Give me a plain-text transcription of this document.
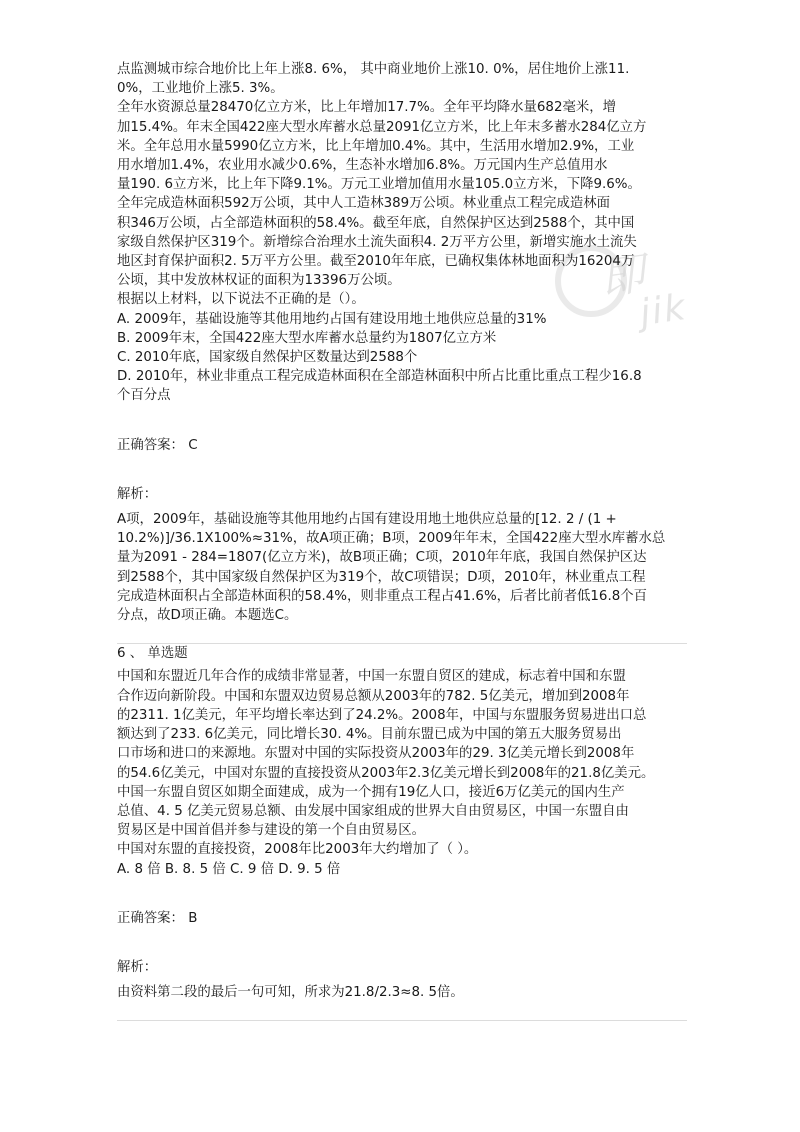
即
jik

点监测城市综合地价比上年上涨8. 6%， 其中商业地价上涨10. 0%，居住地价上涨11.

0%，工业地价上涨5. 3%。

全年水资源总量28470亿立方米，比上年增加17.7%。全年平均降水量682毫米，增

加15.4%。年末全国422座大型水库蓄水总量2091亿立方米，比上年末多蓄水284亿立方

米。全年总用水量5990亿立方米，比上年增加0.4%。其中，生活用水增加2.9%，工业

用水增加1.4%，农业用水减少0.6%，生态补水增加6.8%。万元国内生产总值用水

量190. 6立方米，比上年下降9.1%。万元工业增加值用水量105.0立方米，下降9.6%。

全年完成造林面积592万公顷，其中人工造林389万公顷。林业重点工程完成造林面

积346万公顷，占全部造林面积的58.4%。截至年底，自然保护区达到2588个，其中国

家级自然保护区319个。新增综合治理水土流失面积4. 2万平方公里，新增实施水土流失

地区封育保护面积2. 5万平方公里。截至2010年年底，已确权集体林地面积为16204万

公顷，其中发放林权证的面积为13396万公顷。

根据以上材料，以下说法不正确的是（）。

A. 2009年，基础设施等其他用地约占国有建设用地土地供应总量的31%

B. 2009年末，全国422座大型水库蓄水总量约为1807亿立方米

C. 2010年底，国家级自然保护区数量达到2588个

D. 2010年，林业非重点工程完成造林面积在全部造林面积中所占比重比重点工程少16.8

个百分点

正确答案： C

解析：

A项，2009年，基础设施等其他用地约占国有建设用地土地供应总量的[12. 2 / (1 +

10.2%)]/36.1X100%≈31%，故A项正确；B项，2009年年末，全国422座大型水库蓄水总

量为2091 - 284=1807(亿立方米)，故B项正确；C项，2010年年底，我国自然保护区达

到2588个，其中国家级自然保护区为319个，故C项错误；D项，2010年，林业重点工程

完成造林面积占全部造林面积的58.4%，则非重点工程占41.6%，后者比前者低16.8个百

分点，故D项正确。本题选C。

6 、 单选题

中国和东盟近几年合作的成绩非常显著，中国一东盟自贸区的建成，标志着中国和东盟

合作迈向新阶段。中国和东盟双边贸易总额从2003年的782. 5亿美元，增加到2008年

的2311. 1亿美元，年平均增长率达到了24.2%。2008年，中国与东盟服务贸易进出口总

额达到了233. 6亿美元，同比增长30. 4%。目前东盟已成为中国的第五大服务贸易出

口市场和进口的来源地。东盟对中国的实际投资从2003年的29. 3亿美元增长到2008年

的54.6亿美元，中国对东盟的直接投资从2003年2.3亿美元增长到2008年的21.8亿美元。

中国一东盟自贸区如期全面建成，成为一个拥有19亿人口，接近6万亿美元的国内生产

总值、4. 5 亿美元贸易总额、由发展中国家组成的世界大自由贸易区，中国一东盟自由

贸易区是中国首倡并参与建设的第一个自由贸易区。

中国对东盟的直接投资，2008年比2003年大约增加了（ ）。

A. 8 倍 B. 8. 5 倍 C. 9 倍 D. 9. 5 倍

正确答案： B

解析：

由资料第二段的最后一句可知，所求为21.8/2.3≈8. 5倍。
